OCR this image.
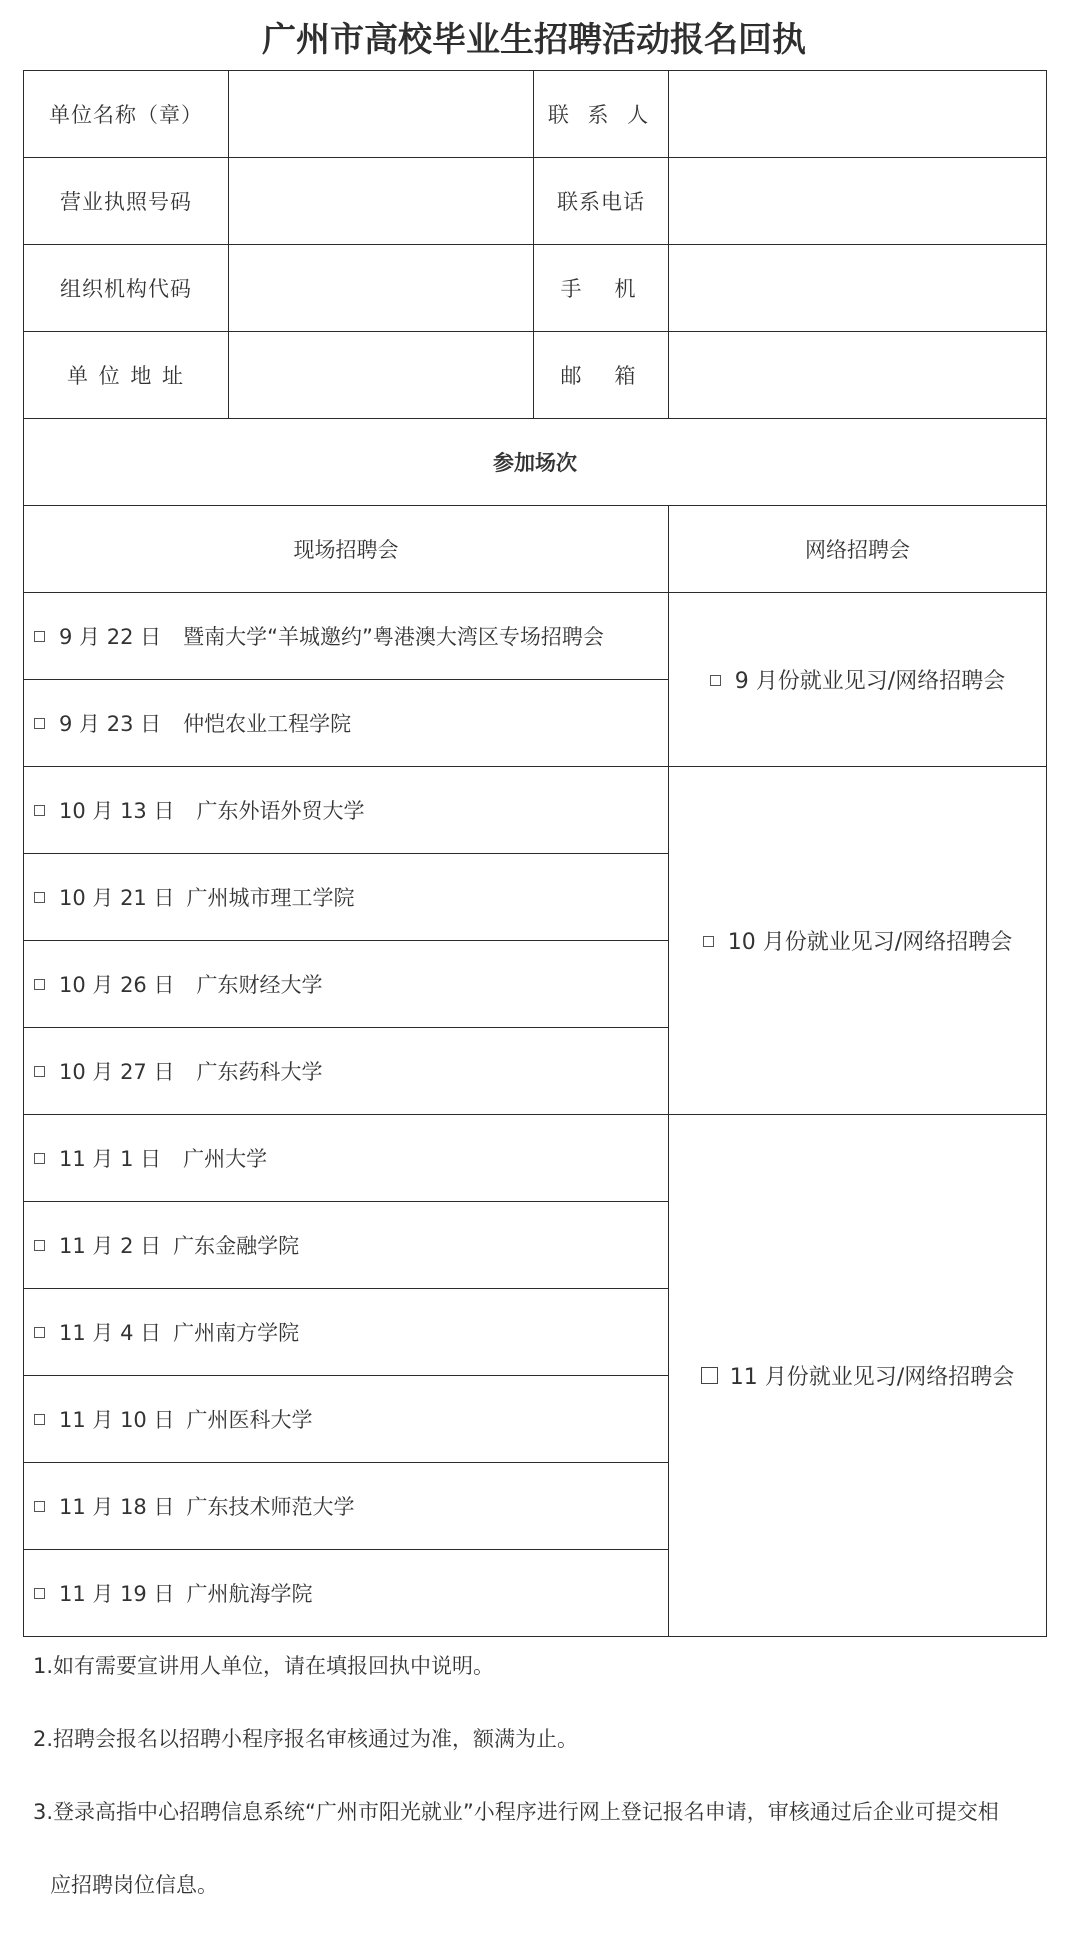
广州市高校毕业生招聘活动报名回执
单位名称（章）		联 系 人	
营业执照号码		联系电话	
组织机构代码		手　机	
单 位 地 址		邮　箱	
参加场次			
现场招聘会			网络招聘会
9 月 22 日 暨南大学“羊城邀约”粤港澳大湾区专场招聘会			9 月份就业见习/网络招聘会
9 月 23 日 仲恺农业工程学院			
10 月 13 日 广东外语外贸大学			10 月份就业见习/网络招聘会
10 月 21 日 广州城市理工学院			
10 月 26 日 广东财经大学			
10 月 27 日 广东药科大学			
11 月 1 日 广州大学			11 月份就业见习/网络招聘会
11 月 2 日 广东金融学院			
11 月 4 日 广州南方学院			
11 月 10 日 广州医科大学			
11 月 18 日 广东技术师范大学			
11 月 19 日 广州航海学院			

1.如有需要宣讲用人单位，请在填报回执中说明。

2.招聘会报名以招聘小程序报名审核通过为准，额满为止。

3.登录高指中心招聘信息系统“广州市阳光就业”小程序进行网上登记报名申请，审核通过后企业可提交相

应招聘岗位信息。
